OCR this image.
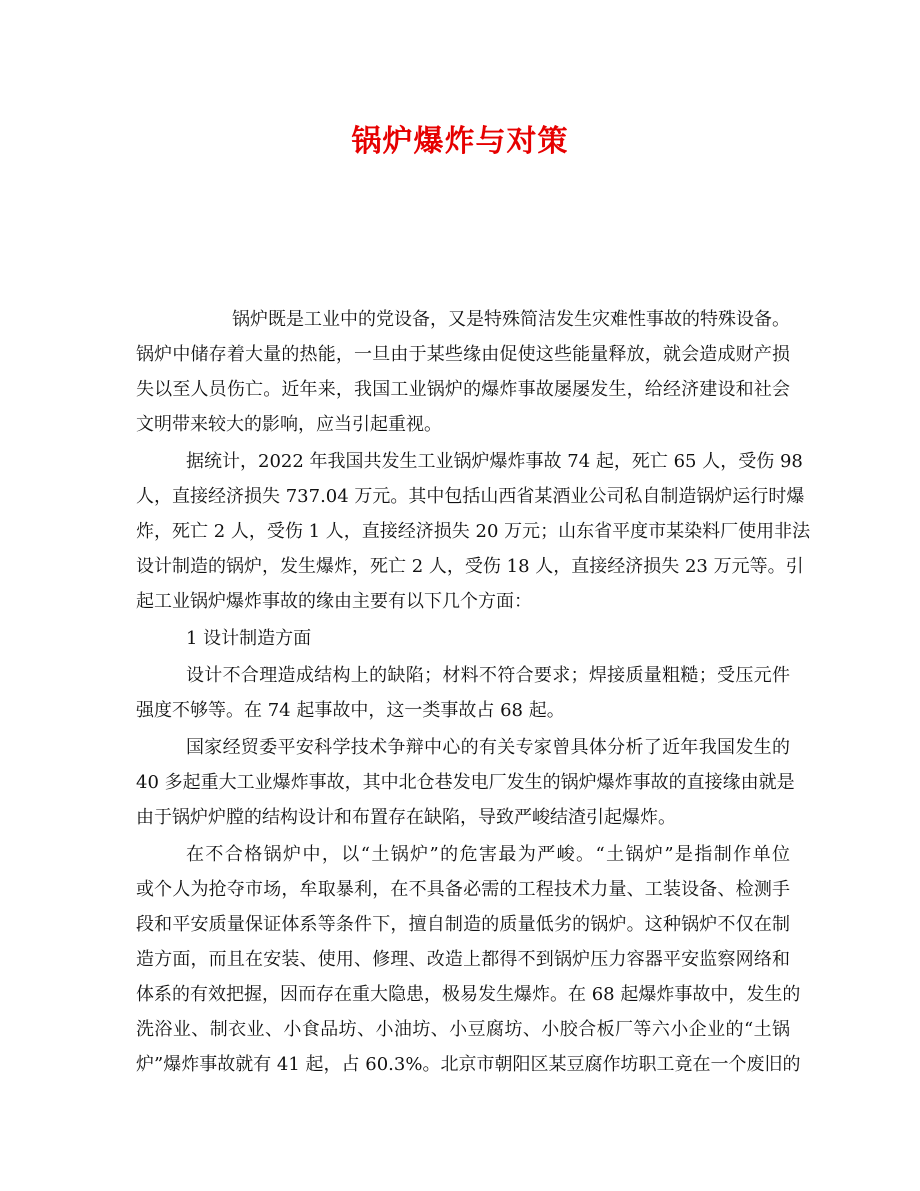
锅炉爆炸与对策
锅炉既是工业中的党设备，又是特殊简洁发生灾难性事故的特殊设备。
锅炉中储存着大量的热能，一旦由于某些缘由促使这些能量释放，就会造成财产损
失以至人员伤亡。近年来，我国工业锅炉的爆炸事故屡屡发生，给经济建设和社会
文明带来较大的影响，应当引起重视。
据统计，2022 年我国共发生工业锅炉爆炸事故 74 起，死亡 65 人，受伤 98
人，直接经济损失 737.04 万元。其中包括山西省某酒业公司私自制造锅炉运行时爆
炸，死亡 2 人，受伤 1 人，直接经济损失 20 万元；山东省平度市某染料厂使用非法
设计制造的锅炉，发生爆炸，死亡 2 人，受伤 18 人，直接经济损失 23 万元等。引
起工业锅炉爆炸事故的缘由主要有以下几个方面：
1 设计制造方面
设计不合理造成结构上的缺陷；材料不符合要求；焊接质量粗糙；受压元件
强度不够等。在 74 起事故中，这一类事故占 68 起。
国家经贸委平安科学技术争辩中心的有关专家曾具体分析了近年我国发生的
40 多起重大工业爆炸事故，其中北仓巷发电厂发生的锅炉爆炸事故的直接缘由就是
由于锅炉炉膛的结构设计和布置存在缺陷，导致严峻结渣引起爆炸。
在不合格锅炉中，以“土锅炉”的危害最为严峻。“土锅炉”是指制作单位
或个人为抢夺市场，牟取暴利，在不具备必需的工程技术力量、工装设备、检测手
段和平安质量保证体系等条件下，擅自制造的质量低劣的锅炉。这种锅炉不仅在制
造方面，而且在安装、使用、修理、改造上都得不到锅炉压力容器平安监察网络和
体系的有效把握，因而存在重大隐患，极易发生爆炸。在 68 起爆炸事故中，发生的
洗浴业、制衣业、小食品坊、小油坊、小豆腐坊、小胶合板厂等六小企业的“土锅
炉”爆炸事故就有 41 起，占 60.3%。北京市朝阳区某豆腐作坊职工竟在一个废旧的
